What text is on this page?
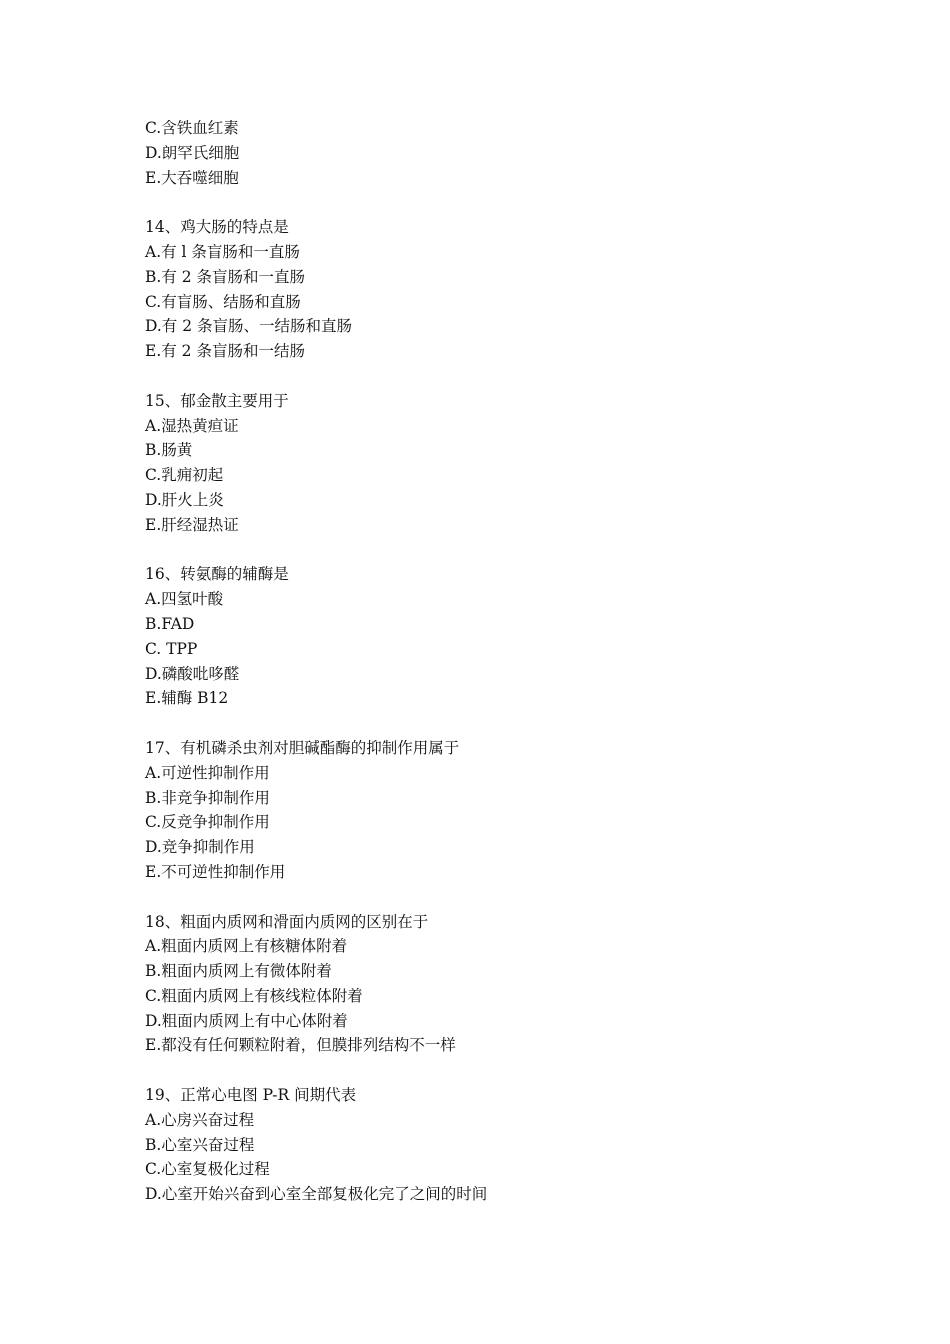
C.含铁血红素
D.朗罕氏细胞
E.大吞噬细胞
14、鸡大肠的特点是
A.有 l 条盲肠和一直肠
B.有 2 条盲肠和一直肠
C.有盲肠、结肠和直肠
D.有 2 条盲肠、一结肠和直肠
E.有 2 条盲肠和一结肠
15、郁金散主要用于
A.湿热黄疸证
B.肠黄
C.乳痈初起
D.肝火上炎
E.肝经湿热证
16、转氨酶的辅酶是
A.四氢叶酸
B.FAD
C. TPP
D.磷酸吡哆醛
E.辅酶 B12
17、有机磷杀虫剂对胆碱酯酶的抑制作用属于
A.可逆性抑制作用
B.非竞争抑制作用
C.反竞争抑制作用
D.竞争抑制作用
E.不可逆性抑制作用
18、粗面内质网和滑面内质网的区别在于
A.粗面内质网上有核糖体附着
B.粗面内质网上有微体附着
C.粗面内质网上有核线粒体附着
D.粗面内质网上有中心体附着
E.都没有任何颗粒附着，但膜排列结构不一样
19、正常心电图 P-R 间期代表
A.心房兴奋过程
B.心室兴奋过程
C.心室复极化过程
D.心室开始兴奋到心室全部复极化完了之间的时间
